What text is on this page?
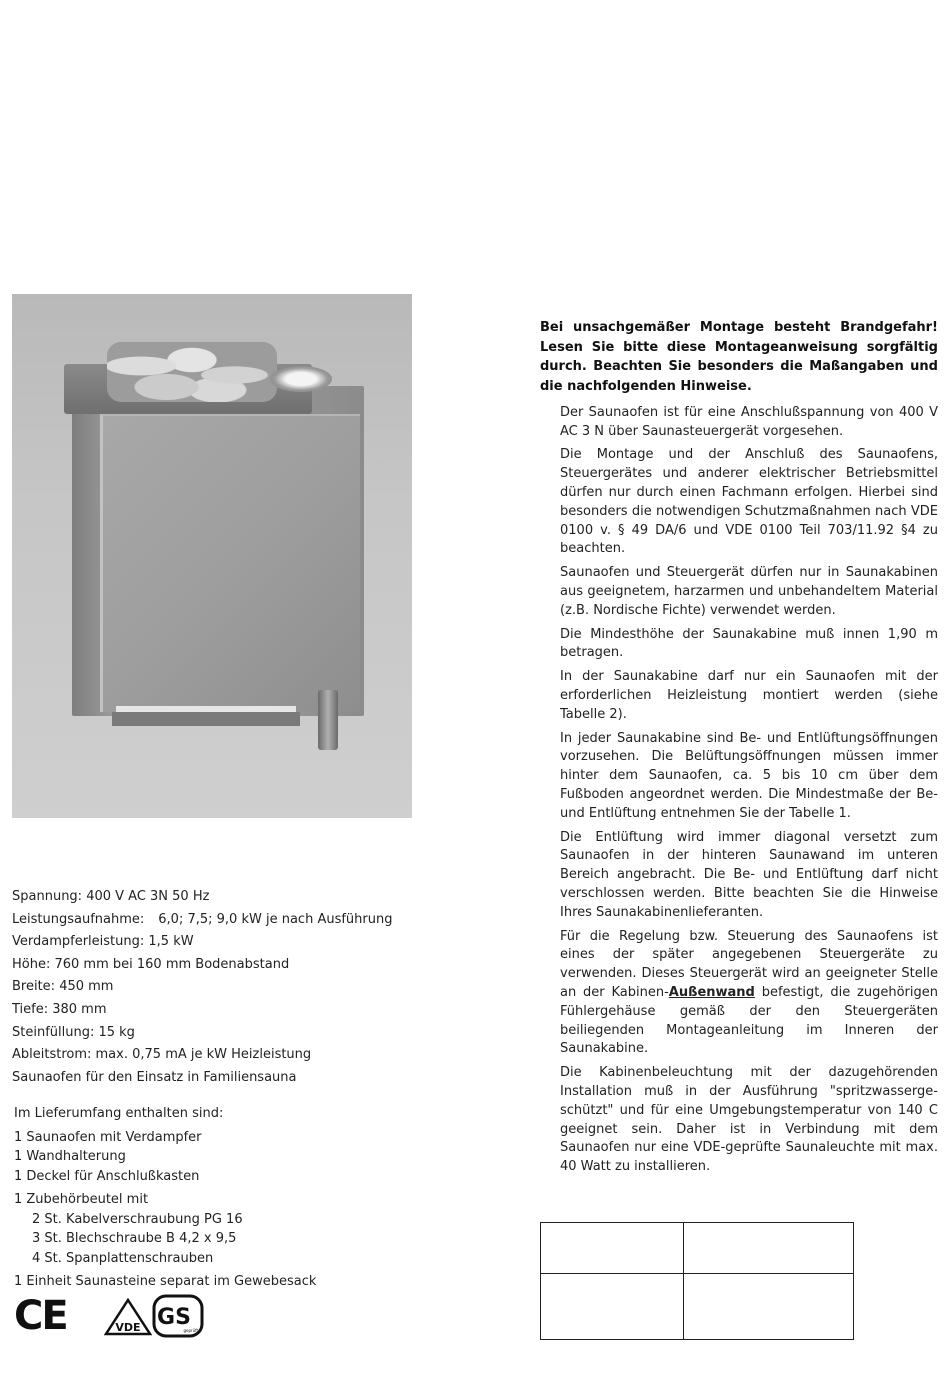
Spannung: 400 V AC 3N 50 Hz
Leistungsaufnahme: 6,0; 7,5; 9,0 kW je nach Ausführung
Verdampferleistung: 1,5 kW
Höhe: 760 mm bei 160 mm Bodenabstand
Breite: 450 mm
Tiefe: 380 mm
Steinfüllung: 15 kg
Ableitstrom: max. 0,75 mA je kW Heizleistung
Saunaofen für den Einsatz in Familiensauna
Im Lieferumfang enthalten sind:
1 Saunaofen mit Verdampfer
1 Wandhalterung
1 Deckel für Anschlußkasten
1 Zubehörbeutel mit
2 St. Kabelverschraubung PG 16
3 St. Blechschraube B 4,2 x 9,5
4 St. Spanplattenschrauben
1 Einheit Saunasteine separat im Gewebesack
CE	VDE GS
geprüfte
Bei unsachgemäßer Montage besteht Brandgefahr! Lesen Sie bitte diese Montageanweisung sorgfältig durch. Beachten Sie besonders die Maßangaben und die nachfolgenden Hinweise.

Der Saunaofen ist für eine Anschlußspannung von 400 V AC 3 N über Saunasteuergerät vorgesehen.

Die Montage und der Anschluß des Saunaofens, Steuergerätes und anderer elektrischer Betriebsmittel dürfen nur durch einen Fachmann erfolgen. Hierbei sind besonders die notwendigen Schutzmaßnahmen nach VDE 0100 v. § 49 DA/6 und VDE 0100 Teil 703/11.92 §4 zu beachten.

Saunaofen und Steuergerät dürfen nur in Saunakabinen aus geeignetem, harzarmen und unbehandeltem Material (z.B. Nordische Fichte) verwendet werden.

Die Mindesthöhe der Saunakabine muß innen 1,90 m betragen.

In der Saunakabine darf nur ein Saunaofen mit der erforderlichen Heizleistung montiert werden (siehe Tabelle 2).

In jeder Saunakabine sind Be- und Entlüftungsöffnungen vorzusehen. Die Belüftungsöffnungen müssen immer hinter dem Saunaofen, ca. 5 bis 10 cm über dem Fußboden angeordnet werden. Die Mindestmaße der Be- und Entlüftung entnehmen Sie der Tabelle 1.

Die Entlüftung wird immer diagonal versetzt zum Saunaofen in der hinteren Saunawand im unteren Bereich angebracht. Die Be- und Entlüftung darf nicht verschlossen werden. Bitte beachten Sie die Hinweise Ihres Saunakabinenlieferanten.

Für die Regelung bzw. Steuerung des Saunaofens ist eines der später angegebenen Steuergeräte zu verwenden. Dieses Steuergerät wird an geeigneter Stelle an der Kabinen-Außenwand befestigt, die zugehörigen Fühlergehäuse gemäß der den Steuergeräten beiliegenden Montageanleitung im Inneren der Saunakabine.

Die Kabinenbeleuchtung mit der dazugehörenden Installation muß in der Ausführung "spritzwasserge-schützt" und für eine Umgebungstemperatur von 140 C geeignet sein. Daher ist in Verbindung mit dem Saunaofen nur eine VDE-geprüfte Saunaleuchte mit max. 40 Watt zu installieren.
